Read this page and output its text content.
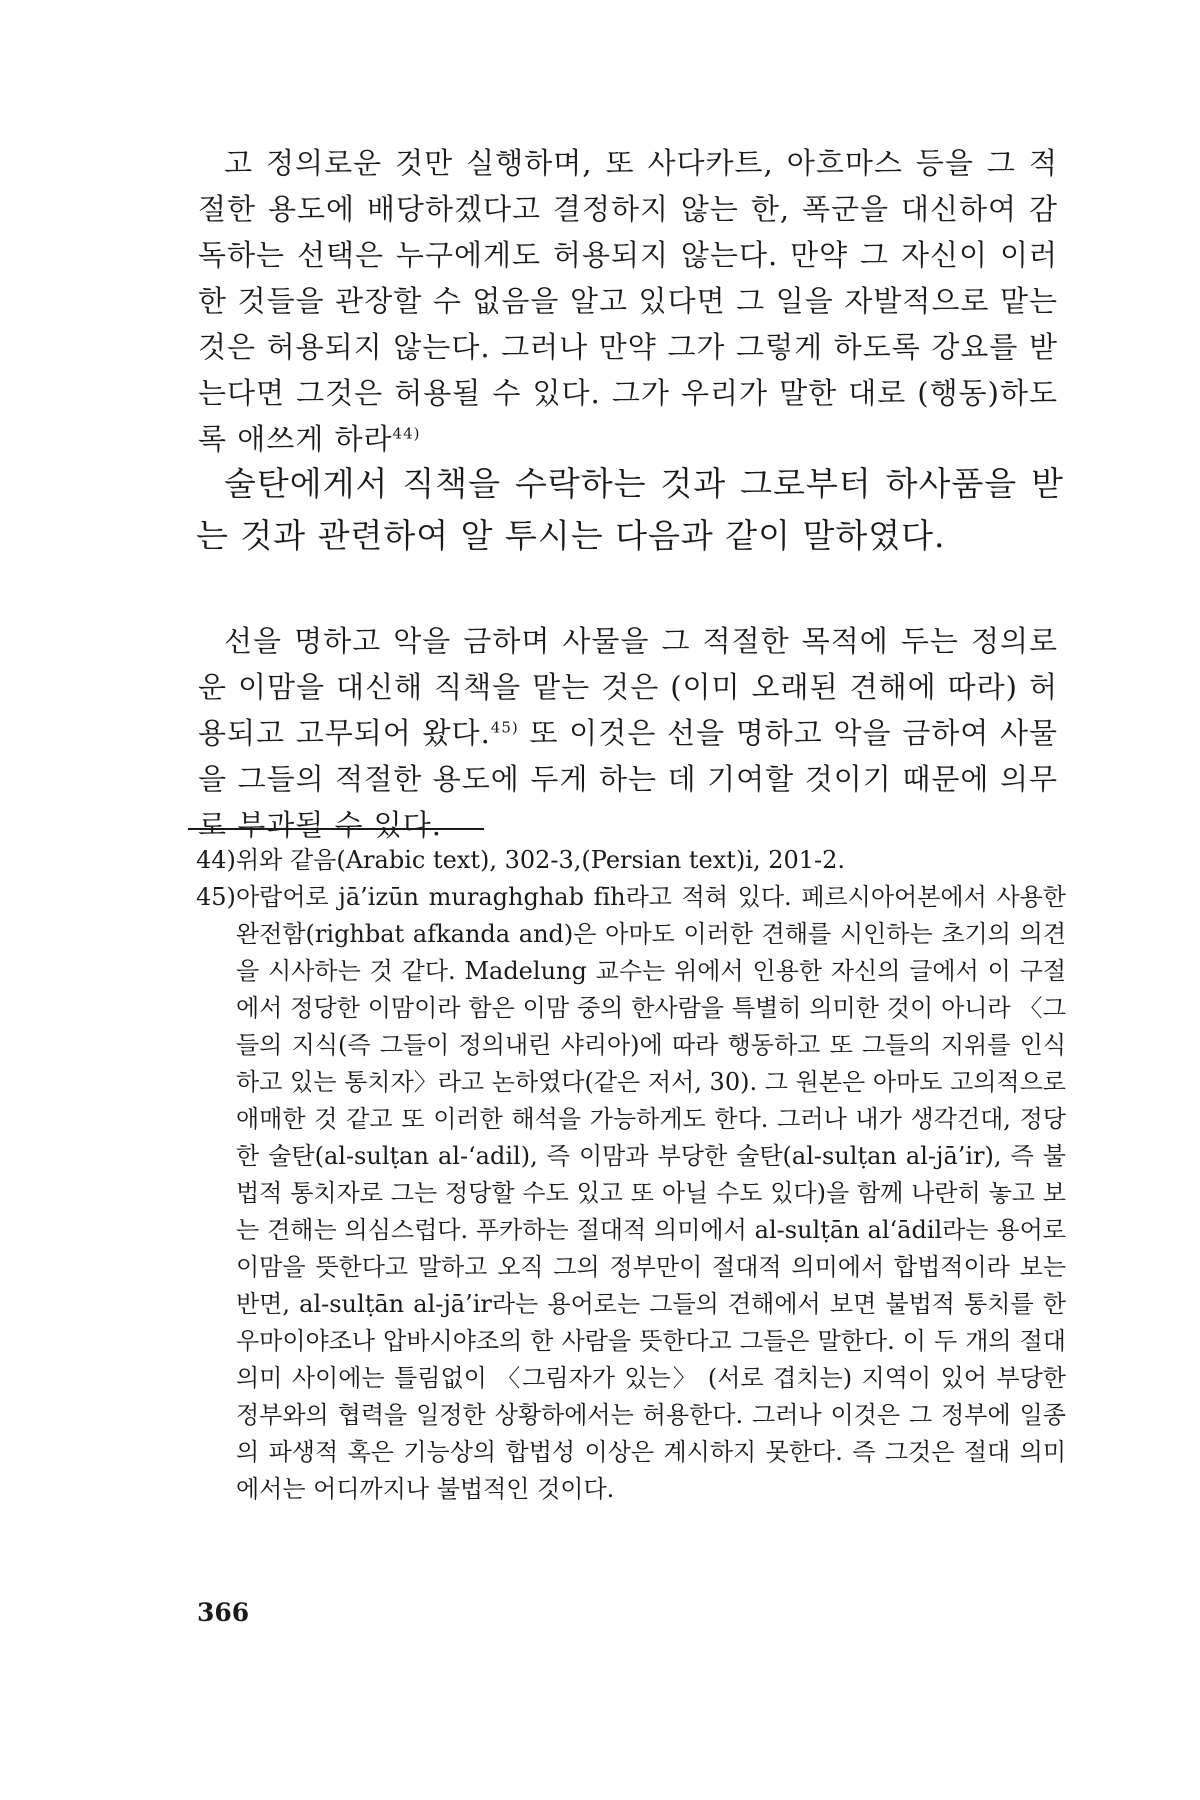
고 정의로운 것만 실행하며, 또 사다카트, 아흐마스 등을 그 적절한 용도에 배당하겠다고 결정하지 않는 한, 폭군을 대신하여 감독하는 선택은 누구에게도 허용되지 않는다. 만약 그 자신이 이러한 것들을 관장할 수 없음을 알고 있다면 그 일을 자발적으로 맡는 것은 허용되지 않는다. 그러나 만약 그가 그렇게 하도록 강요를 받는다면 그것은 허용될 수 있다. 그가 우리가 말한 대로 (행동)하도록 애쓰게 하라$^{44)}$
술탄에게서 직책을 수락하는 것과 그로부터 하사품을 받는 것과 관련하여 알 투시는 다음과 같이 말하였다.
선을 명하고 악을 금하며 사물을 그 적절한 목적에 두는 정의로운 이맘을 대신해 직책을 맡는 것은 (이미 오래된 견해에 따라) 허용되고 고무되어 왔다.$^{45)}$ 또 이것은 선을 명하고 악을 금하여 사물을 그들의 적절한 용도에 두게 하는 데 기여할 것이기 때문에 의무로 부과될 수 있다.
44) 위와 같음(Arabic text), 302-3,(Persian text)i, 201-2.
45) 아랍어로 jā’izūn muraghghab fīh라고 적혀 있다. 페르시아어본에서 사용한 완전함(righbat afkanda and)은 아마도 이러한 견해를 시인하는 초기의 의견을 시사하는 것 같다. Madelung 교수는 위에서 인용한 자신의 글에서 이 구절에서 정당한 이맘이라 함은 이맘 중의 한사람을 특별히 의미한 것이 아니라 〈그들의 지식(즉 그들이 정의내린 샤리아)에 따라 행동하고 또 그들의 지위를 인식하고 있는 통치자〉라고 논하였다(같은 저서, 30). 그 원본은 아마도 고의적으로 애매한 것 같고 또 이러한 해석을 가능하게도 한다. 그러나 내가 생각건대, 정당한 술탄(al-sulṭan al-‘adil), 즉 이맘과 부당한 술탄(al-sulṭan al-jā’ir), 즉 불법적 통치자로 그는 정당할 수도 있고 또 아닐 수도 있다)을 함께 나란히 놓고 보는 견해는 의심스럽다. 푸카하는 절대적 의미에서 al-sulṭān al‘ādil라는 용어로 이맘을 뜻한다고 말하고 오직 그의 정부만이 절대적 의미에서 합법적이라 보는 반면, al-sulṭān al-jā’ir라는 용어로는 그들의 견해에서 보면 불법적 통치를 한 우마이야조나 압바시야조의 한 사람을 뜻한다고 그들은 말한다. 이 두 개의 절대 의미 사이에는 틀림없이 〈그림자가 있는〉 (서로 겹치는) 지역이 있어 부당한 정부와의 협력을 일정한 상황하에서는 허용한다. 그러나 이것은 그 정부에 일종의 파생적 혹은 기능상의 합법성 이상은 계시하지 못한다. 즉 그것은 절대 의미에서는 어디까지나 불법적인 것이다.
366
